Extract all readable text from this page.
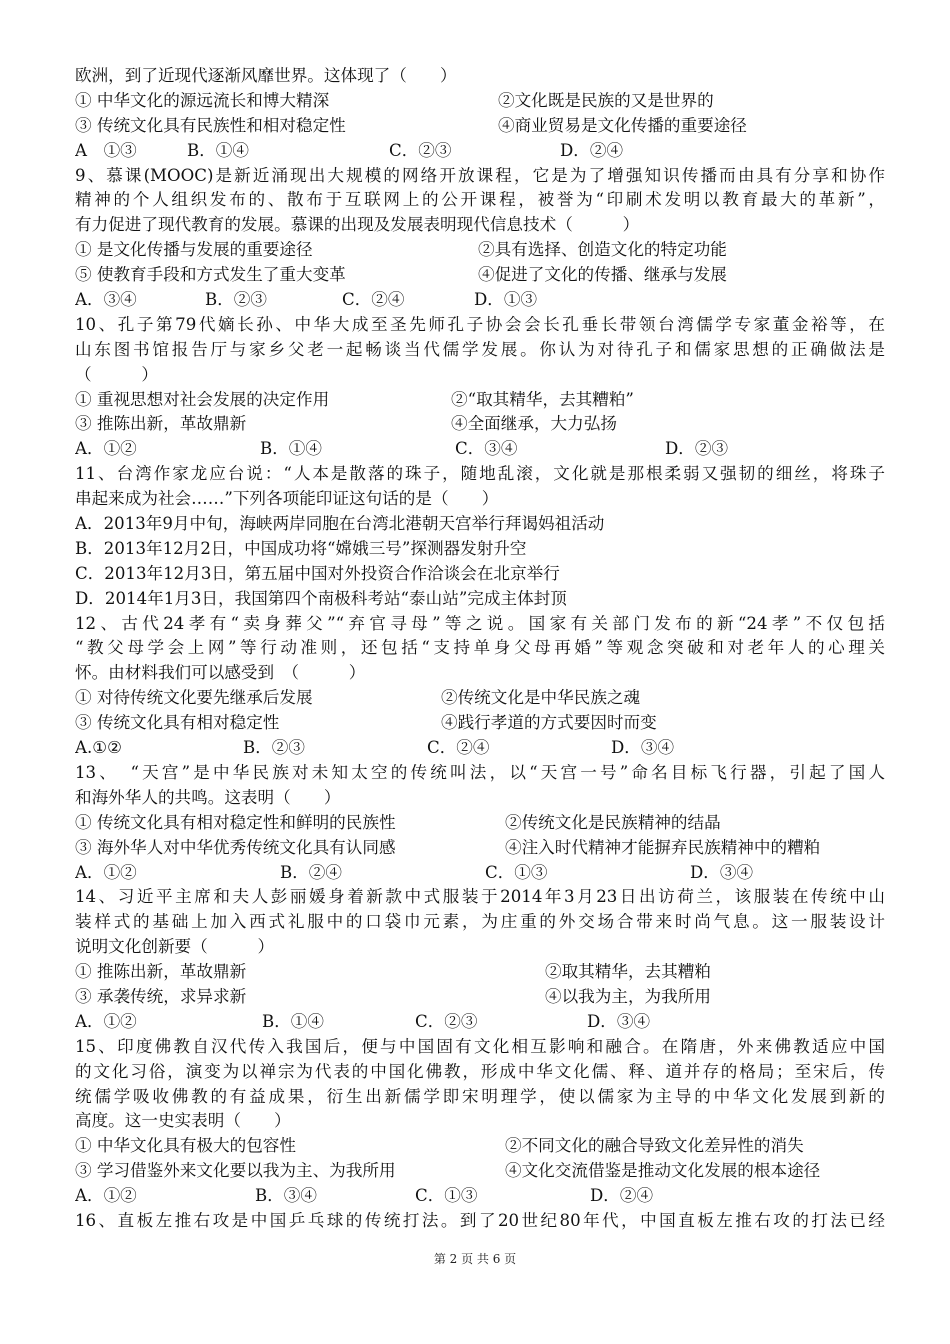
欧洲，到了近现代逐渐风靡世界。这体现了（　　）
① 中华文化的源远流长和博大精深	②文化既是民族的又是世界的
③ 传统文化具有民族性和相对稳定性	④商业贸易是文化传播的重要途径
A　①③	B．①④	C．②③	D．②④
9、慕课(MOOC)是新近涌现出大规模的网络开放课程，它是为了增强知识传播而由具有分享和协作
精神的个人组织发布的、散布于互联网上的公开课程，被誉为“印刷术发明以教育最大的革新”，
有力促进了现代教育的发展。慕课的出现及发展表明现代信息技术（　　　）
① 是文化传播与发展的重要途径	②具有选择、创造文化的特定功能
⑤ 使教育手段和方式发生了重大变革	④促进了文化的传播、继承与发展
A．③④	B．②③	C．②④	D．①③
10、孔子第79代嫡长孙、中华大成至圣先师孔子协会会长孔垂长带领台湾儒学专家董金裕等，在
山东图书馆报告厅与家乡父老一起畅谈当代儒学发展。你认为对待孔子和儒家思想的正确做法是
（　　　）
① 重视思想对社会发展的决定作用	②“取其精华，去其糟粕”
③ 推陈出新，革故鼎新	④全面继承，大力弘扬
A．①②	B．①④	C．③④	D．②③
11、台湾作家龙应台说：“人本是散落的珠子，随地乱滚，文化就是那根柔弱又强韧的细丝，将珠子
串起来成为社会……”下列各项能印证这句话的是（　　）
A．2013年9月中旬，海峡两岸同胞在台湾北港朝天宫举行拜谒妈祖活动
B．2013年12月2日，中国成功将“嫦娥三号”探测器发射升空
C．2013年12月3日，第五届中国对外投资合作洽谈会在北京举行
D．2014年1月3日，我国第四个南极科考站“泰山站”完成主体封顶
12、古代24孝有“卖身葬父”“弃官寻母”等之说。国家有关部门发布的新“24孝”不仅包括
“教父母学会上网”等行动准则，还包括“支持单身父母再婚”等观念突破和对老年人的心理关
怀。由材料我们可以感受到　（　　　）
① 对待传统文化要先继承后发展	②传统文化是中华民族之魂
③ 传统文化具有相对稳定性	④践行孝道的方式要因时而变
A.①②	B．②③	C．②④	D．③④
13、　“天宫”是中华民族对未知太空的传统叫法，以“天宫一号”命名目标飞行器，引起了国人
和海外华人的共鸣。这表明（　　）
① 传统文化具有相对稳定性和鲜明的民族性	②传统文化是民族精神的结晶
③ 海外华人对中华优秀传统文化具有认同感	④注入时代精神才能摒弃民族精神中的糟粕
A．①②	B．②④	C．①③	D．③④
14、习近平主席和夫人彭丽媛身着新款中式服装于2014年3月23日出访荷兰，该服装在传统中山
装样式的基础上加入西式礼服中的口袋巾元素，为庄重的外交场合带来时尚气息。这一服装设计
说明文化创新要（　　　）
① 推陈出新，革故鼎新	②取其精华，去其糟粕
③ 承袭传统，求异求新	④以我为主，为我所用
A．①②	B．①④	C．②③	D．③④
15、印度佛教自汉代传入我国后，便与中国固有文化相互影响和融合。在隋唐，外来佛教适应中国
的文化习俗，演变为以禅宗为代表的中国化佛教，形成中华文化儒、释、道并存的格局；至宋后，传
统儒学吸收佛教的有益成果，衍生出新儒学即宋明理学，使以儒家为主导的中华文化发展到新的
高度。这一史实表明（　　）
① 中华文化具有极大的包容性	②不同文化的融合导致文化差异性的消失
③ 学习借鉴外来文化要以我为主、为我所用	④文化交流借鉴是推动文化发展的根本途径
A．①②	B．③④	C．①③	D．②④
16、直板左推右攻是中国乒乓球的传统打法。到了20世纪80年代，中国直板左推右攻的打法已经
第 2 页 共 6 页
